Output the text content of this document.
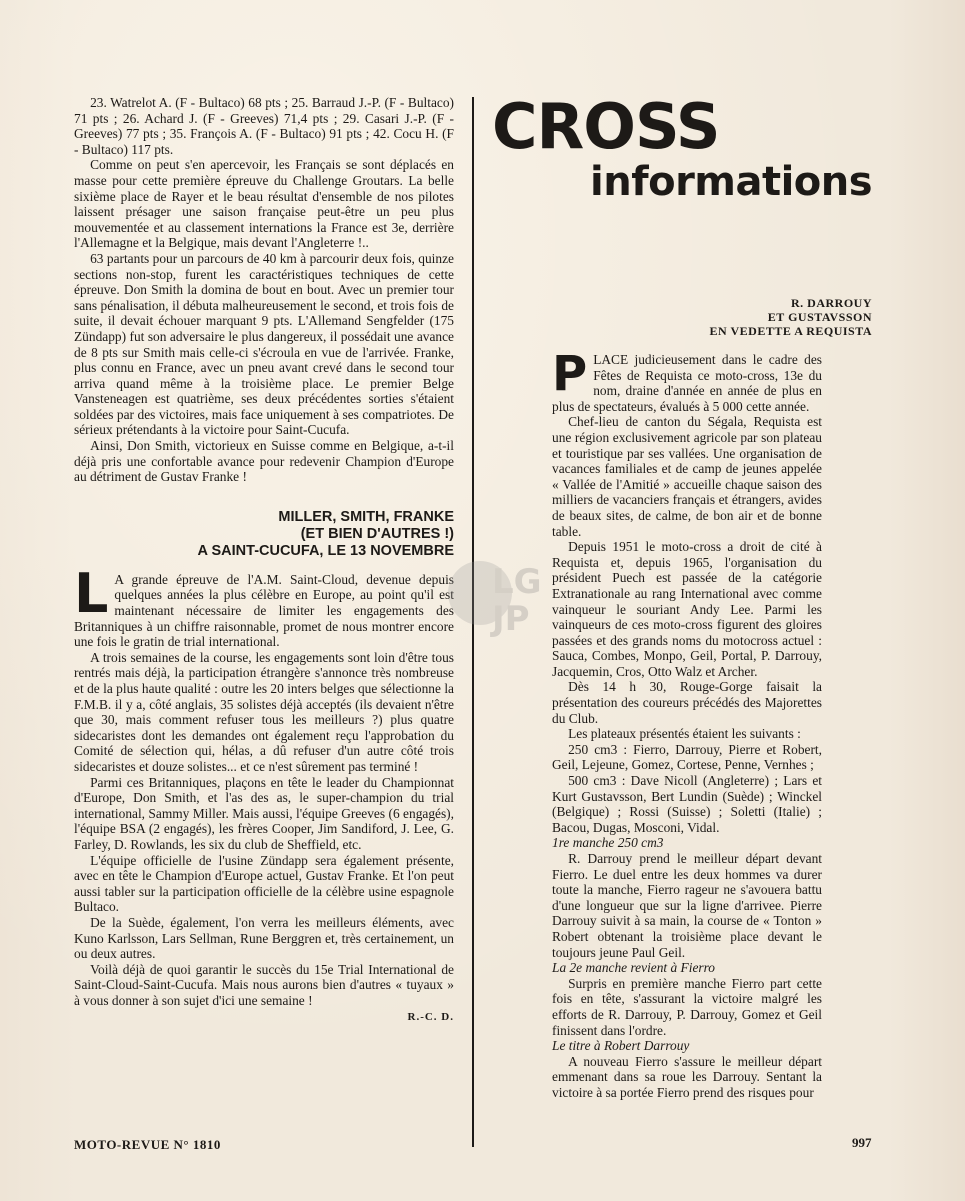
23. Watrelot A. (F - Bultaco) 68 pts ; 25. Barraud J.-P. (F - Bultaco) 71 pts ; 26. Achard J. (F - Greeves) 71,4 pts ; 29. Casari J.-P. (F - Greeves) 77 pts ; 35. François A. (F - Bultaco) 91 pts ; 42. Cocu H. (F - Bultaco) 117 pts.

Comme on peut s'en apercevoir, les Français se sont déplacés en masse pour cette première épreuve du Challenge Groutars. La belle sixième place de Rayer et le beau résultat d'ensemble de nos pilotes laissent présager une saison française peut-être un peu plus mouvementée et au classement internations la France est 3e, derrière l'Allemagne et la Belgique, mais devant l'Angleterre !..

63 partants pour un parcours de 40 km à parcourir deux fois, quinze sections non-stop, furent les caractéristiques techniques de cette épreuve. Don Smith la domina de bout en bout. Avec un premier tour sans pénalisation, il débuta malheureusement le second, et trois fois de suite, il devait échouer marquant 9 pts. L'Allemand Sengfelder (175 Zündapp) fut son adversaire le plus dangereux, il possédait une avance de 8 pts sur Smith mais celle-ci s'écroula en vue de l'arrivée. Franke, plus connu en France, avec un pneu avant crevé dans le second tour arriva quand même à la troisième place. Le premier Belge Vansteneagen est quatrième, ses deux précédentes sorties s'étaient soldées par des victoires, mais face uniquement à ses compatriotes. De sérieux prétendants à la victoire pour Saint-Cucufa.

Ainsi, Don Smith, victorieux en Suisse comme en Belgique, a-t-il déjà pris une confortable avance pour redevenir Champion d'Europe au détriment de Gustav Franke !

MILLER, SMITH, FRANKE
(ET BIEN D'AUTRES !)
A SAINT-CUCUFA, LE 13 NOVEMBRE

L A grande épreuve de l'A.M. Saint-Cloud, devenue depuis quelques années la plus célèbre en Europe, au point qu'il est maintenant nécessaire de limiter les engagements des Britanniques à un chiffre raisonnable, promet de nous montrer encore une fois le gratin de trial international.

A trois semaines de la course, les engagements sont loin d'être tous rentrés mais déjà, la participation étrangère s'annonce très nombreuse et de la plus haute qualité : outre les 20 inters belges que sélectionne la F.M.B. il y a, côté anglais, 35 solistes déjà acceptés (ils devaient n'être que 30, mais comment refuser tous les meilleurs ?) plus quatre sidecaristes dont les demandes ont également reçu l'approbation du Comité de sélection qui, hélas, a dû refuser d'un autre côté trois sidecaristes et douze solistes... et ce n'est sûrement pas terminé !

Parmi ces Britanniques, plaçons en tête le leader du Championnat d'Europe, Don Smith, et l'as des as, le super-champion du trial international, Sammy Miller. Mais aussi, l'équipe Greeves (6 engagés), l'équipe BSA (2 engagés), les frères Cooper, Jim Sandiford, J. Lee, G. Farley, D. Rowlands, les six du club de Sheffield, etc.

L'équipe officielle de l'usine Zündapp sera également présente, avec en tête le Champion d'Europe actuel, Gustav Franke. Et l'on peut aussi tabler sur la participation officielle de la célèbre usine espagnole Bultaco.

De la Suède, également, l'on verra les meilleurs éléments, avec Kuno Karlsson, Lars Sellman, Rune Berggren et, très certainement, un ou deux autres.

Voilà déjà de quoi garantir le succès du 15e Trial International de Saint-Cloud-Saint-Cucufa. Mais nous aurons bien d'autres « tuyaux » à vous donner à son sujet d'ici une semaine !

R.-C. D.
CROSS
informations
R. DARROUY
ET GUSTAVSSON
EN VEDETTE A REQUISTA

PLACE judicieusement dans le cadre des Fêtes de Requista ce moto-cross, 13e du nom, draine d'année en année de plus en plus de spectateurs, évalués à 5 000 cette année.

Chef-lieu de canton du Ségala, Requista est une région exclusivement agricole par son plateau et touristique par ses vallées. Une organisation de vacances familiales et de camp de jeunes appelée « Vallée de l'Amitié » accueille chaque saison des milliers de vacanciers français et étrangers, avides de beaux sites, de calme, de bon air et de bonne table.

Depuis 1951 le moto-cross a droit de cité à Requista et, depuis 1965, l'organisation du président Puech est passée de la catégorie Extranationale au rang International avec comme vainqueur le souriant Andy Lee. Parmi les vainqueurs de ces moto-cross figurent des gloires passées et des grands noms du motocross actuel : Sauca, Combes, Monpo, Geil, Portal, P. Darrouy, Jacquemin, Cros, Otto Walz et Archer.

Dès 14 h 30, Rouge-Gorge faisait la présentation des coureurs précédés des Majorettes du Club.

Les plateaux présentés étaient les suivants :

250 cm3 : Fierro, Darrouy, Pierre et Robert, Geil, Lejeune, Gomez, Cortese, Penne, Vernhes ;

500 cm3 : Dave Nicoll (Angleterre) ; Lars et Kurt Gustavsson, Bert Lundin (Suède) ; Winckel (Belgique) ; Rossi (Suisse) ; Soletti (Italie) ; Bacou, Dugas, Mosconi, Vidal.

1re manche 250 cm3

R. Darrouy prend le meilleur départ devant Fierro. Le duel entre les deux hommes va durer toute la manche, Fierro rageur ne s'avouera battu d'une longueur que sur la ligne d'arrivee. Pierre Darrouy suivit à sa main, la course de « Tonton » Robert obtenant la troisième place devant le toujours jeune Paul Geil.

La 2e manche revient à Fierro

Surpris en première manche Fierro part cette fois en tête, s'assurant la victoire malgré les efforts de R. Darrouy, P. Darrouy, Gomez et Geil finissent dans l'ordre.

Le titre à Robert Darrouy

A nouveau Fierro s'assure le meilleur départ emmenant dans sa roue les Darrouy. Sentant la victoire à sa portée Fierro prend des risques pour

LG
JP
MOTO-REVUE N° 1810	997
